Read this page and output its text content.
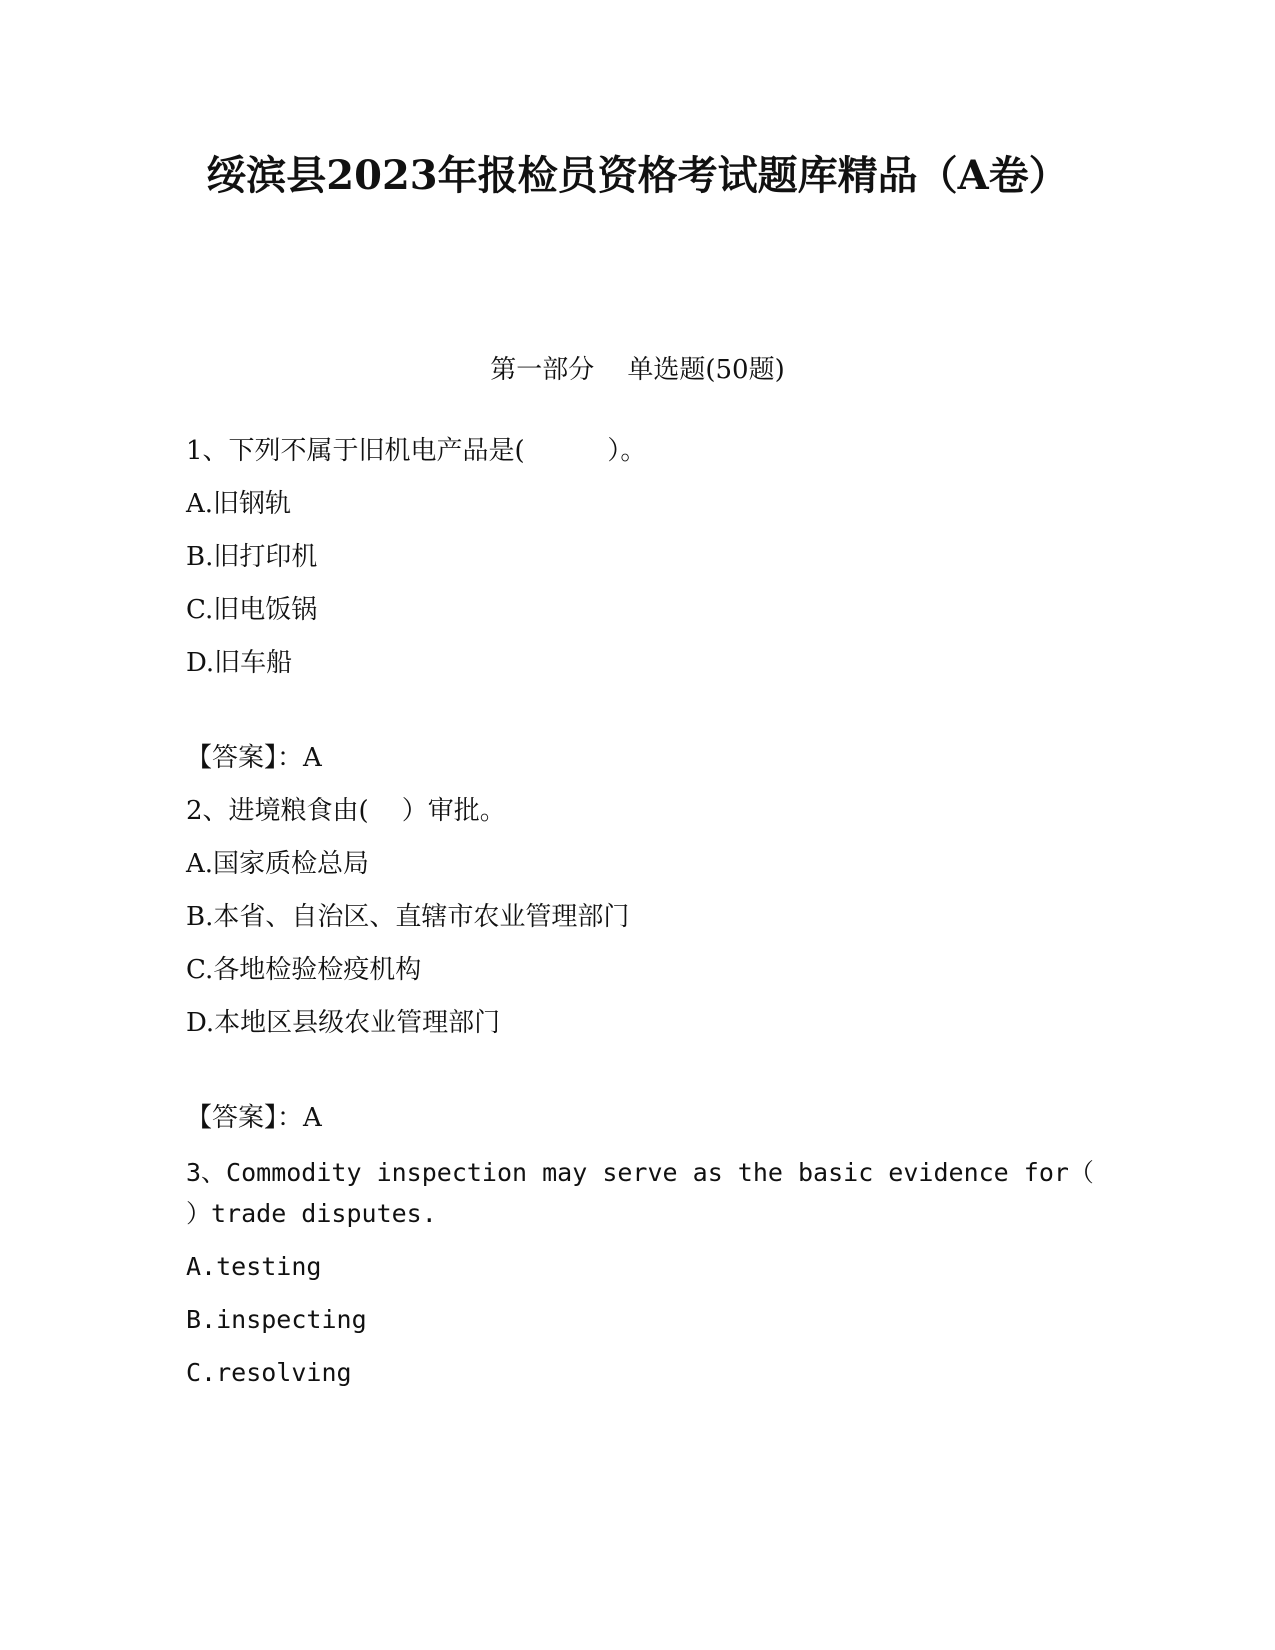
绥滨县2023年报检员资格考试题库精品（A卷）
第一部分    单选题(50题)
1、下列不属于旧机电产品是(          ）。
A.旧钢轨
B.旧打印机
C.旧电饭锅
D.旧车船
【答案】：A
2、进境粮食由(    ）审批。
A.国家质检总局
B.本省、自治区、直辖市农业管理部门
C.各地检验检疫机构
D.本地区县级农业管理部门
【答案】：A
3、Commodity inspection may serve as the basic evidence for（
）trade disputes.
A.testing
B.inspecting
C.resolving
